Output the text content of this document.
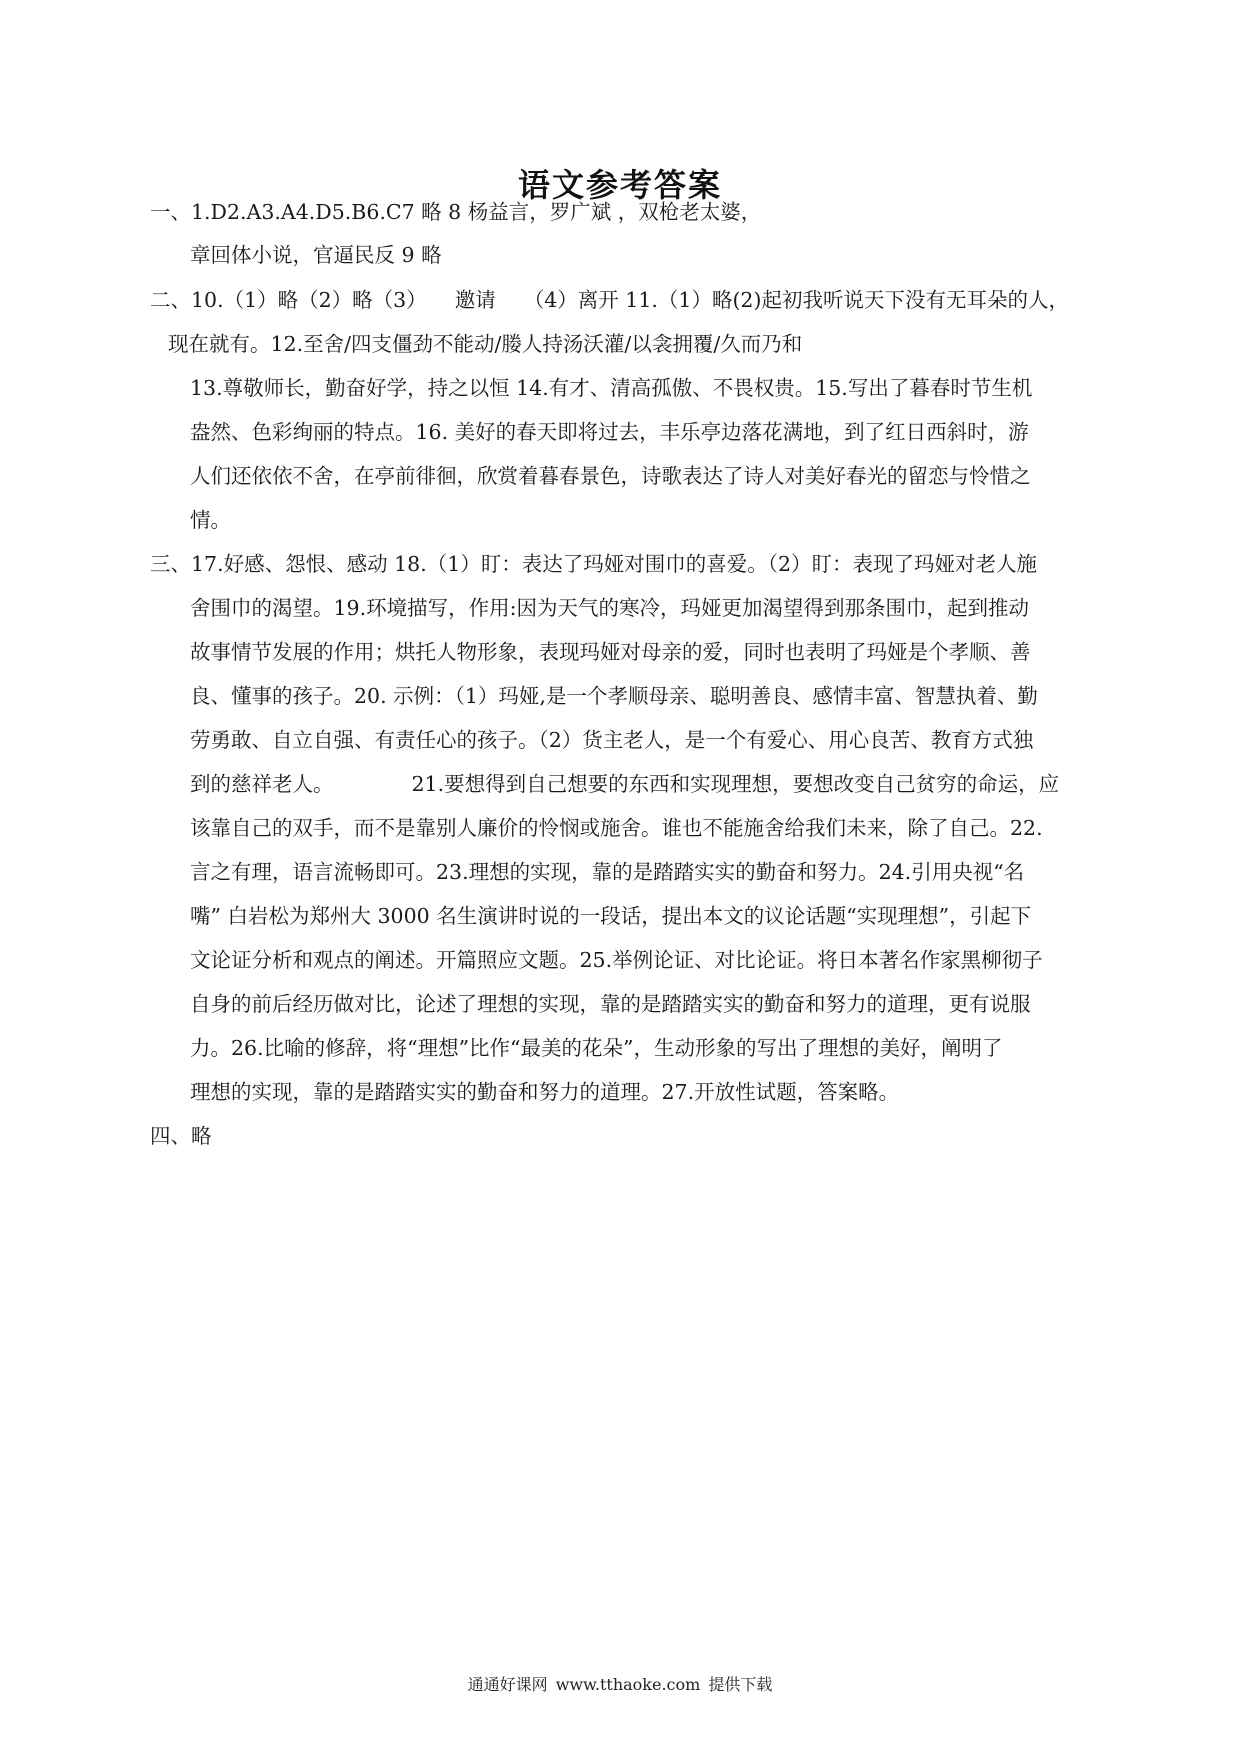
语文参考答案
一、1.D2.A3.A4.D5.B6.C7 略 8 杨益言，罗广斌 ，双枪老太婆，
章回体小说，官逼民反 9 略
二、10.（1）略（2）略（3） 邀请 （4）离开 11.（1）略(2)起初我听说天下没有无耳朵的人，
现在就有。12.至舍/四支僵劲不能动/媵人持汤沃灌/以衾拥覆/久而乃和
13.尊敬师长，勤奋好学，持之以恒 14.有才、清高孤傲、不畏权贵。15.写出了暮春时节生机
盎然、色彩绚丽的特点。16. 美好的春天即将过去，丰乐亭边落花满地，到了红日西斜时，游
人们还依依不舍，在亭前徘徊，欣赏着暮春景色，诗歌表达了诗人对美好春光的留恋与怜惜之
情。
三、17.好感、怨恨、感动 18.（1）盯：表达了玛娅对围巾的喜爱。（2）盯：表现了玛娅对老人施
舍围巾的渴望。19.环境描写，作用:因为天气的寒冷，玛娅更加渴望得到那条围巾，起到推动
故事情节发展的作用；烘托人物形象，表现玛娅对母亲的爱，同时也表明了玛娅是个孝顺、善
良、懂事的孩子。20. 示例：（1）玛娅,是一个孝顺母亲、聪明善良、感情丰富、智慧执着、勤
劳勇敢、自立自强、有责任心的孩子。（2）货主老人，是一个有爱心、用心良苦、教育方式独
到的慈祥老人。	21.要想得到自己想要的东西和实现理想，要想改变自己贫穷的命运，应
该靠自己的双手，而不是靠别人廉价的怜悯或施舍。谁也不能施舍给我们未来，除了自己。22.
言之有理，语言流畅即可。23.理想的实现，靠的是踏踏实实的勤奋和努力。24.引用央视“名
嘴” 白岩松为郑州大 3000 名生演讲时说的一段话，提出本文的议论话题“实现理想”，引起下
文论证分析和观点的阐述。开篇照应文题。25.举例论证、对比论证。将日本著名作家黑柳彻子
自身的前后经历做对比，论述了理想的实现，靠的是踏踏实实的勤奋和努力的道理，更有说服
力。26.比喻的修辞，将“理想”比作“最美的花朵”，生动形象的写出了理想的美好，阐明了
理想的实现，靠的是踏踏实实的勤奋和努力的道理。27.开放性试题，答案略。
四、略
通通好课网 www.tthaoke.com 提供下载
